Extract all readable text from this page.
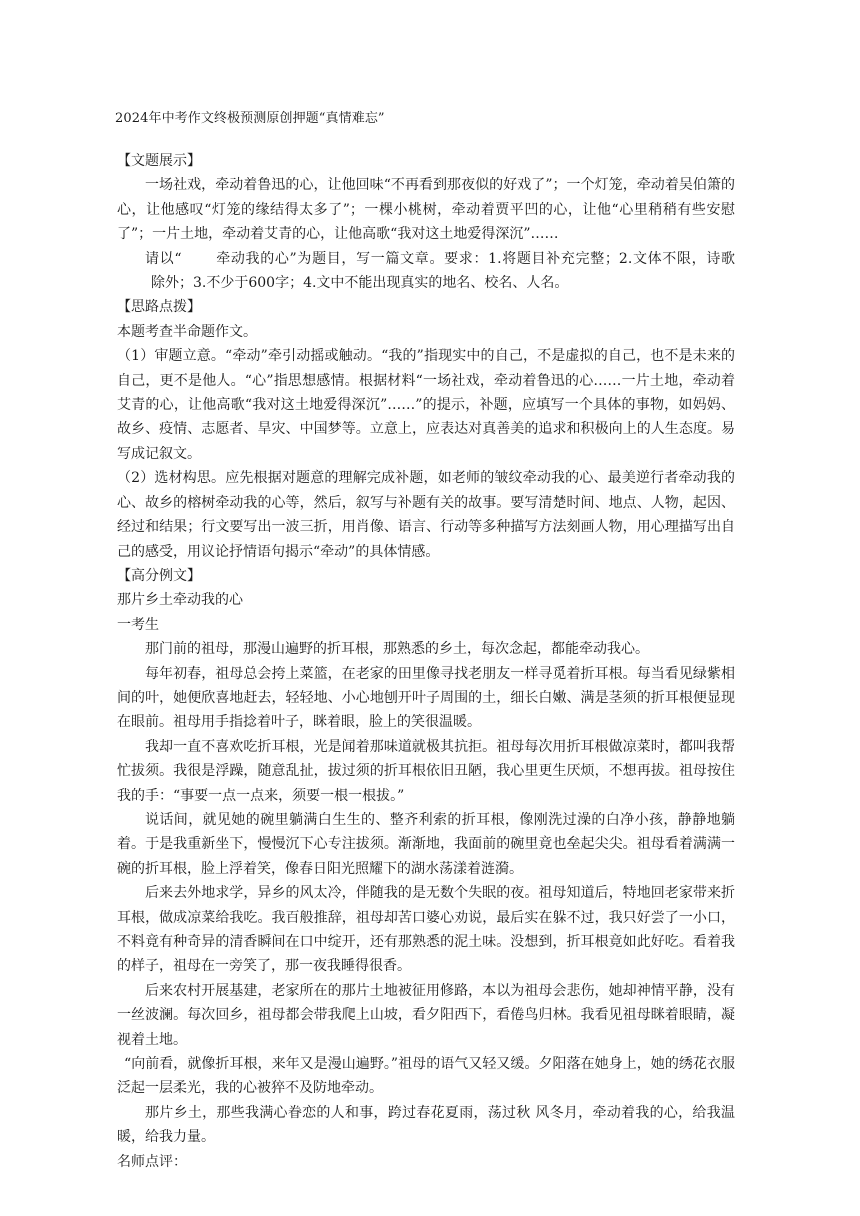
2024年中考作文终极预测原创押题“真情难忘”

【文题展示】

一场社戏，牵动着鲁迅的心，让他回味“不再看到那夜似的好戏了”；一个灯笼，牵动着吴伯箫的心，让他感叹“灯笼的缘结得太多了”；一棵小桃树，牵动着贾平凹的心，让他“心里稍稍有些安慰了”；一片土地，牵动着艾青的心，让他高歌“我对这土地爱得深沉”……

请以“ 牵动我的心”为题目，写一篇文章。要求：1.将题目补充完整；2.文体不限，诗歌除外；3.不少于600字；4.文中不能出现真实的地名、校名、人名。

【思路点拨】

本题考查半命题作文。

（1）审题立意。“牵动”牵引动摇或触动。“我的”指现实中的自己，不是虚拟的自己，也不是未来的自己，更不是他人。“心”指思想感情。根据材料“一场社戏，牵动着鲁迅的心……一片土地，牵动着艾青的心，让他高歌“我对这土地爱得深沉”……”的提示，补题，应填写一个具体的事物，如妈妈、故乡、疫情、志愿者、旱灾、中国梦等。立意上，应表达对真善美的追求和积极向上的人生态度。易写成记叙文。

（2）选材构思。应先根据对题意的理解完成补题，如老师的皱纹牵动我的心、最美逆行者牵动我的心、故乡的榕树牵动我的心等，然后，叙写与补题有关的故事。要写清楚时间、地点、人物，起因、经过和结果；行文要写出一波三折，用肖像、语言、行动等多种描写方法刻画人物，用心理描写出自己的感受，用议论抒情语句揭示“牵动”的具体情感。

【高分例文】

那片乡土牵动我的心

一考生

那门前的祖母，那漫山遍野的折耳根，那熟悉的乡土，每次念起，都能牵动我心。

每年初春，祖母总会挎上菜篮，在老家的田里像寻找老朋友一样寻觅着折耳根。每当看见绿紫相间的叶，她便欣喜地赶去，轻轻地、小心地刨开叶子周围的土，细长白嫩、满是茎须的折耳根便显现在眼前。祖母用手指捻着叶子，眯着眼，脸上的笑很温暖。

我却一直不喜欢吃折耳根，光是闻着那味道就极其抗拒。祖母每次用折耳根做凉菜时，都叫我帮忙拔须。我很是浮躁，随意乱扯，拔过须的折耳根依旧丑陋，我心里更生厌烦，不想再拔。祖母按住我的手：“事要一点一点来，须要一根一根拔。”

说话间，就见她的碗里躺满白生生的、整齐利索的折耳根，像刚洗过澡的白净小孩，静静地躺着。于是我重新坐下，慢慢沉下心专注拔须。渐渐地，我面前的碗里竟也垒起尖尖。祖母看着满满一碗的折耳根，脸上浮着笑，像春日阳光照耀下的湖水荡漾着涟漪。

后来去外地求学，异乡的风太冷，伴随我的是无数个失眠的夜。祖母知道后，特地回老家带来折耳根，做成凉菜给我吃。我百般推辞，祖母却苦口婆心劝说，最后实在躲不过，我只好尝了一小口，不料竟有种奇异的清香瞬间在口中绽开，还有那熟悉的泥土味。没想到，折耳根竟如此好吃。看着我的样子，祖母在一旁笑了，那一夜我睡得很香。

后来农村开展基建，老家所在的那片土地被征用修路，本以为祖母会悲伤，她却神情平静，没有一丝波澜。每次回乡，祖母都会带我爬上山坡，看夕阳西下，看倦鸟归林。我看见祖母眯着眼睛，凝视着土地。

“向前看，就像折耳根，来年又是漫山遍野。”祖母的语气又轻又缓。夕阳落在她身上，她的绣花衣服泛起一层柔光，我的心被猝不及防地牵动。

那片乡土，那些我满心眷恋的人和事，跨过春花夏雨，荡过秋 风冬月，牵动着我的心，给我温暖，给我力量。

名师点评：
